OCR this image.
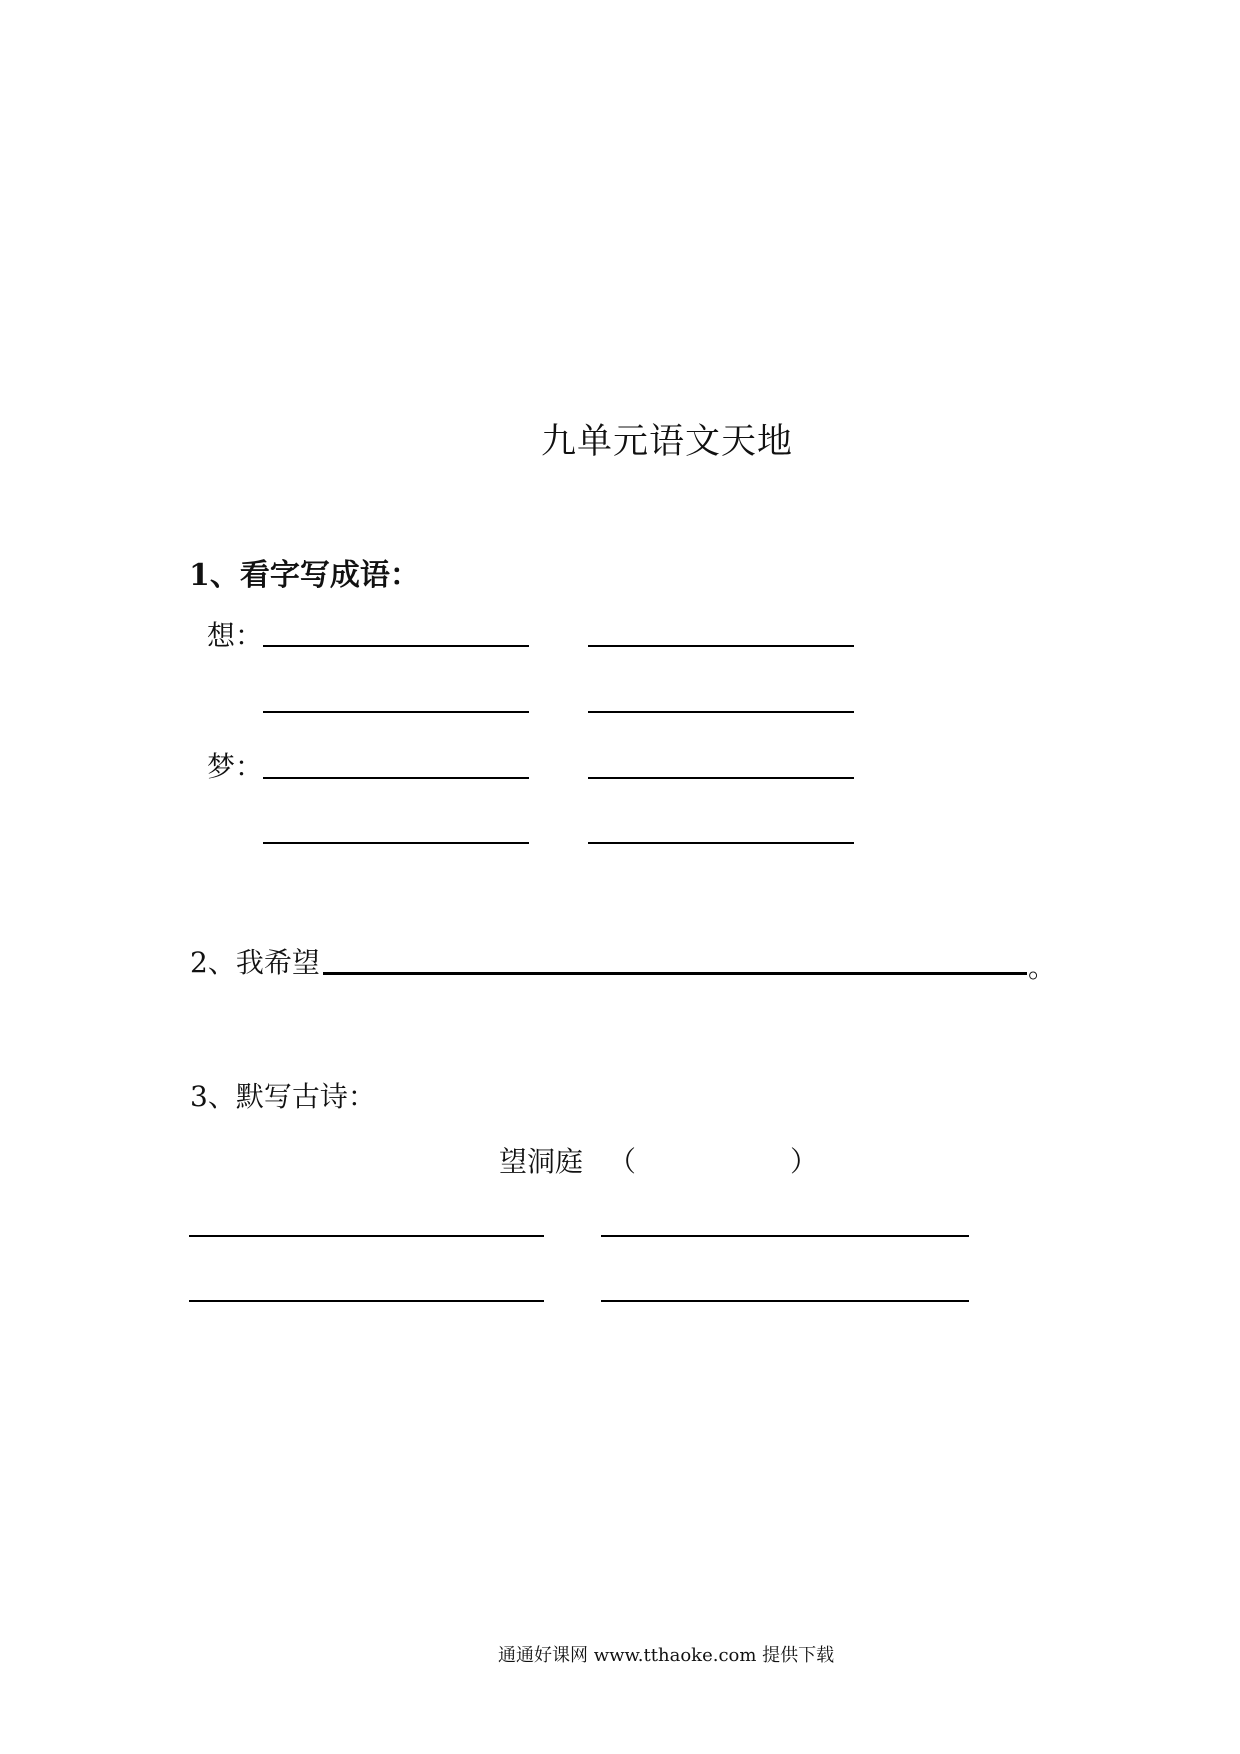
九单元语文天地
1、看字写成语：
想：
梦：
2、我希望	。
3、默写古诗：
望洞庭 （	）
通通好课网 www.tthaoke.com 提供下载
